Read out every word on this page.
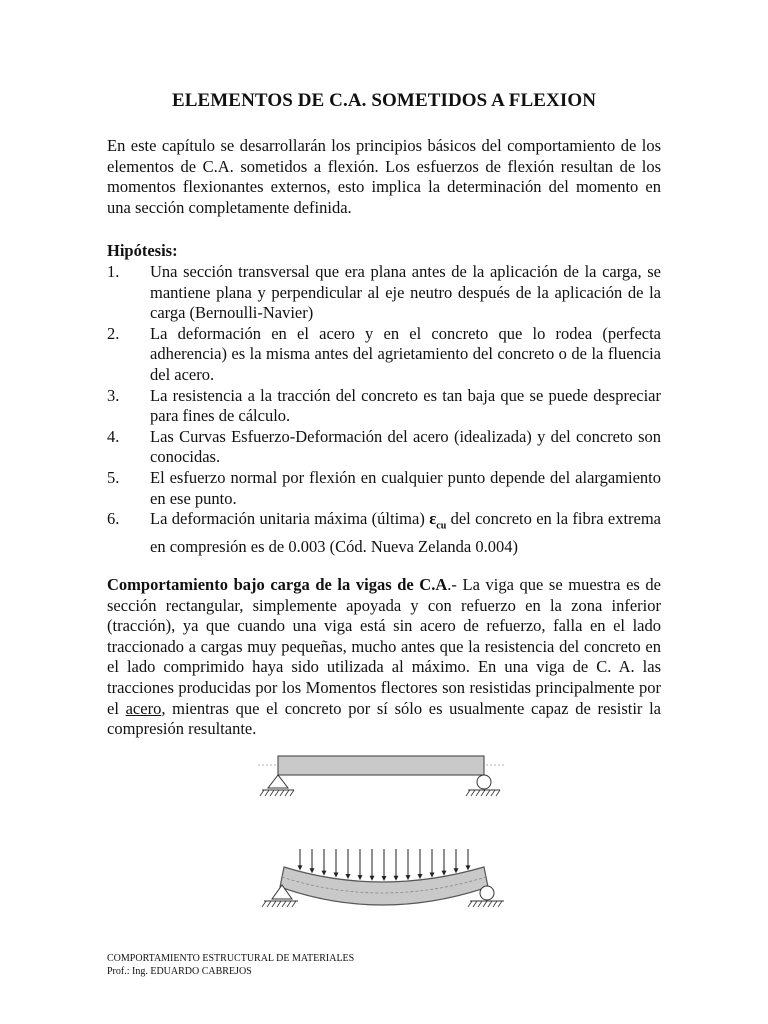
ELEMENTOS DE C.A. SOMETIDOS A FLEXION

En este capítulo se desarrollarán los principios básicos del comportamiento de los elementos de C.A. sometidos a flexión. Los esfuerzos de flexión resultan de los momentos flexionantes externos, esto implica la determinación del momento en una sección completamente definida.

Hipótesis:
1. Una sección transversal que era plana antes de la aplicación de la carga, se mantiene plana y perpendicular al eje neutro después de la aplicación de la carga (Bernoulli-Navier)
2. La deformación en el acero y en el concreto que lo rodea (perfecta adherencia) es la misma antes del agrietamiento del concreto o de la fluencia del acero.
3. La resistencia a la tracción del concreto es tan baja que se puede despreciar para fines de cálculo.
4. Las Curvas Esfuerzo-Deformación del acero (idealizada) y del concreto son conocidas.
5. El esfuerzo normal por flexión en cualquier punto depende del alargamiento en ese punto.
6. La deformación unitaria máxima (última) $\varepsilon_{cu}$ del concreto en la fibra extrema en compresión es de 0.003 (Cód. Nueva Zelanda 0.004)

Comportamiento bajo carga de la vigas de C.A.- La viga que se muestra es de sección rectangular, simplemente apoyada y con refuerzo en la zona inferior (tracción), ya que cuando una viga está sin acero de refuerzo, falla en el lado traccionado a cargas muy pequeñas, mucho antes que la resistencia del concreto en el lado comprimido haya sido utilizada al máximo. En una viga de C. A. las tracciones producidas por los Momentos flectores son resistidas principalmente por el acero, mientras que el concreto por sí sólo es usualmente capaz de resistir la compresión resultante.

COMPORTAMIENTO ESTRUCTURAL DE MATERIALES
Prof.: Ing. EDUARDO CABREJOS
